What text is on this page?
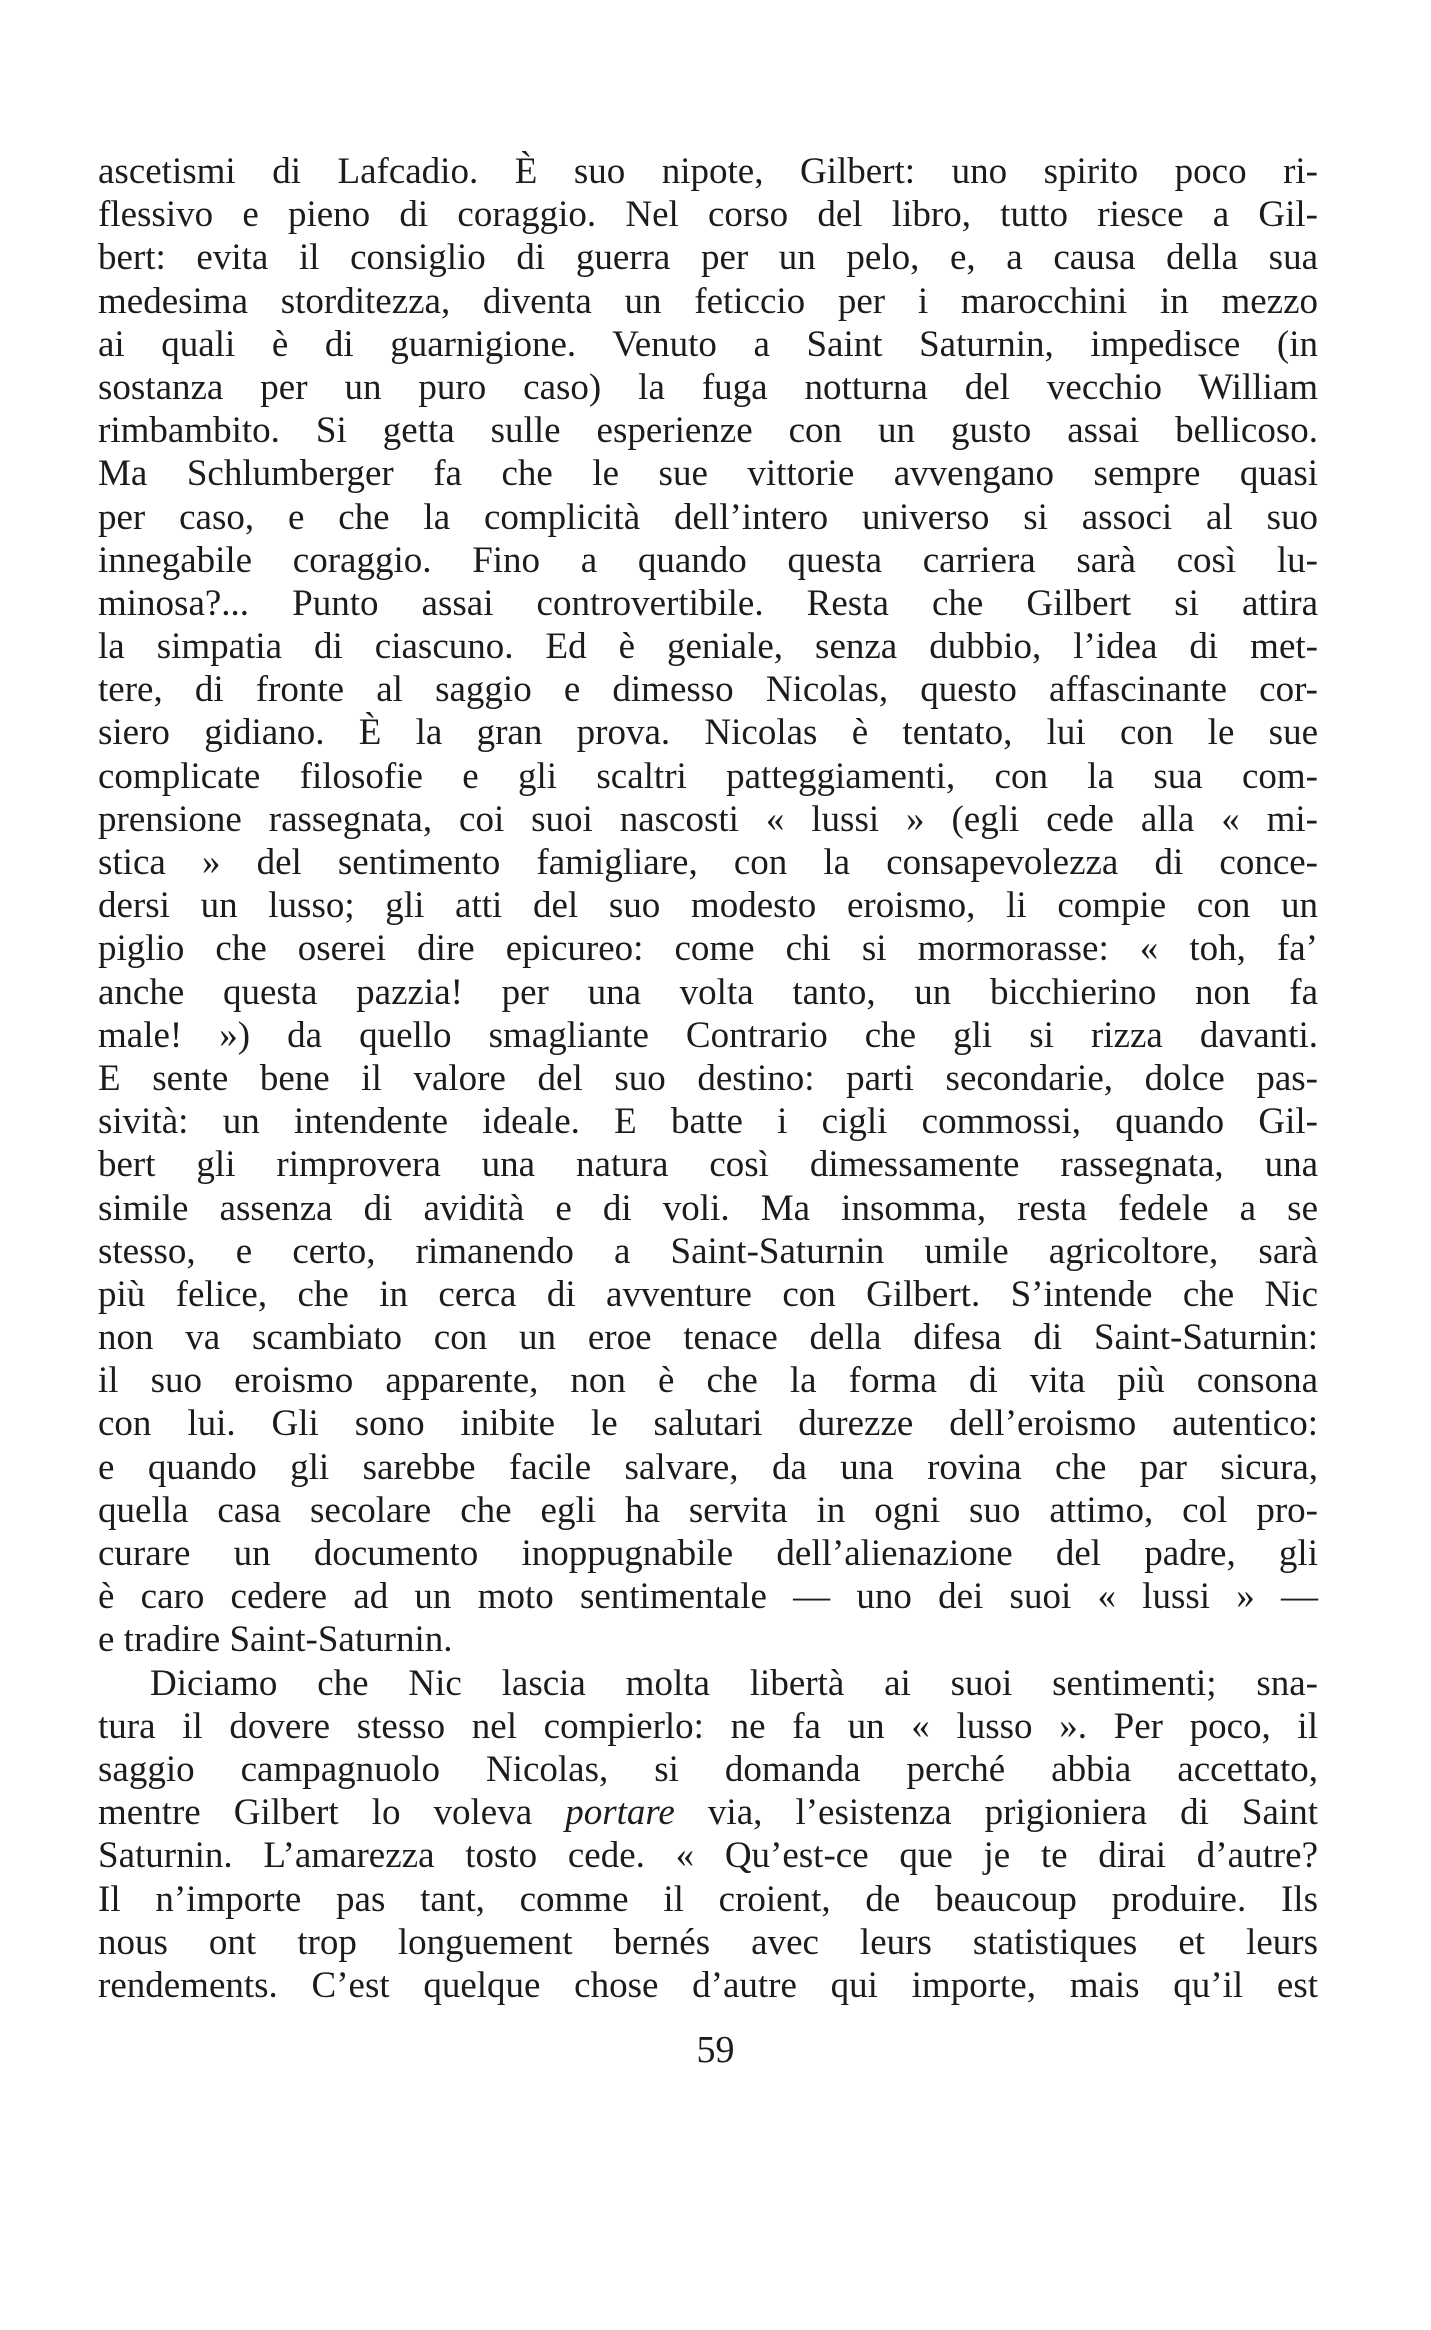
ascetismi di Lafcadio. È suo nipote, Gilbert: uno spirito poco ri-
flessivo e pieno di coraggio. Nel corso del libro, tutto riesce a Gil-
bert: evita il consiglio di guerra per un pelo, e, a causa della sua
medesima storditezza, diventa un feticcio per i marocchini in mezzo
ai quali è di guarnigione. Venuto a Saint Saturnin, impedisce (in
sostanza per un puro caso) la fuga notturna del vecchio William
rimbambito. Si getta sulle esperienze con un gusto assai bellicoso.
Ma Schlumberger fa che le sue vittorie avvengano sempre quasi
per caso, e che la complicità dell’intero universo si associ al suo
innegabile coraggio. Fino a quando questa carriera sarà così lu-
minosa?... Punto assai controvertibile. Resta che Gilbert si attira
la simpatia di ciascuno. Ed è geniale, senza dubbio, l’idea di met-
tere, di fronte al saggio e dimesso Nicolas, questo affascinante cor-
siero gidiano. È la gran prova. Nicolas è tentato, lui con le sue
complicate filosofie e gli scaltri patteggiamenti, con la sua com-
prensione rassegnata, coi suoi nascosti « lussi » (egli cede alla « mi-
stica » del sentimento famigliare, con la consapevolezza di conce-
dersi un lusso; gli atti del suo modesto eroismo, li compie con un
piglio che oserei dire epicureo: come chi si mormorasse: « toh, fa’
anche questa pazzia! per una volta tanto, un bicchierino non fa
male! ») da quello smagliante Contrario che gli si rizza davanti.
E sente bene il valore del suo destino: parti secondarie, dolce pas-
sività: un intendente ideale. E batte i cigli commossi, quando Gil-
bert gli rimprovera una natura così dimessamente rassegnata, una
simile assenza di avidità e di voli. Ma insomma, resta fedele a se
stesso, e certo, rimanendo a Saint-Saturnin umile agricoltore, sarà
più felice, che in cerca di avventure con Gilbert. S’intende che Nic
non va scambiato con un eroe tenace della difesa di Saint-Saturnin:
il suo eroismo apparente, non è che la forma di vita più consona
con lui. Gli sono inibite le salutari durezze dell’eroismo autentico:
e quando gli sarebbe facile salvare, da una rovina che par sicura,
quella casa secolare che egli ha servita in ogni suo attimo, col pro-
curare un documento inoppugnabile dell’alienazione del padre, gli
è caro cedere ad un moto sentimentale — uno dei suoi « lussi » —
e tradire Saint-Saturnin.
Diciamo che Nic lascia molta libertà ai suoi sentimenti; sna-
tura il dovere stesso nel compierlo: ne fa un « lusso ». Per poco, il
saggio campagnuolo Nicolas, si domanda perché abbia accettato,
mentre Gilbert lo voleva portare via, l’esistenza prigioniera di Saint
Saturnin. L’amarezza tosto cede. « Qu’est-ce que je te dirai d’autre?
Il n’importe pas tant, comme il croient, de beaucoup produire. Ils
nous ont trop longuement bernés avec leurs statistiques et leurs
rendements. C’est quelque chose d’autre qui importe, mais qu’il est
59
